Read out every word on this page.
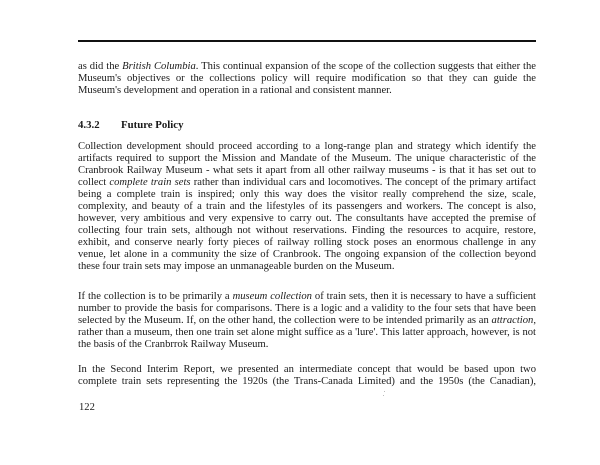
as did the British Columbia. This continual expansion of the scope of the collection suggests that either the Museum's objectives or the collections policy will require modification so that they can guide the Museum's development and operation in a rational and consistent manner.

4.3.2 Future Policy

Collection development should proceed according to a long-range plan and strategy which identify the artifacts required to support the Mission and Mandate of the Museum. The unique characteristic of the Cranbrook Railway Museum - what sets it apart from all other railway museums - is that it has set out to collect complete train sets rather than individual cars and locomotives. The concept of the primary artifact being a complete train is inspired; only this way does the visitor really comprehend the size, scale, complexity, and beauty of a train and the lifestyles of its passengers and workers. The concept is also, however, very ambitious and very expensive to carry out. The consultants have accepted the premise of collecting four train sets, although not without reservations. Finding the resources to acquire, restore, exhibit, and conserve nearly forty pieces of railway rolling stock poses an enormous challenge in any venue, let alone in a community the size of Cranbrook. The ongoing expansion of the collection beyond these four train sets may impose an unmanageable burden on the Museum.

If the collection is to be primarily a museum collection of train sets, then it is necessary to have a sufficient number to provide the basis for comparisons. There is a logic and a validity to the four sets that have been selected by the Museum. If, on the other hand, the collection were to be intended primarily as an attraction, rather than a museum, then one train set alone might suffice as a 'lure'. This latter approach, however, is not the basis of the Cranbrrok Railway Museum.

In the Second Interim Report, we presented an intermediate concept that would be based upon two complete train sets representing the 1920s (the Trans-Canada Limited) and the 1950s (the Canadian),

122
